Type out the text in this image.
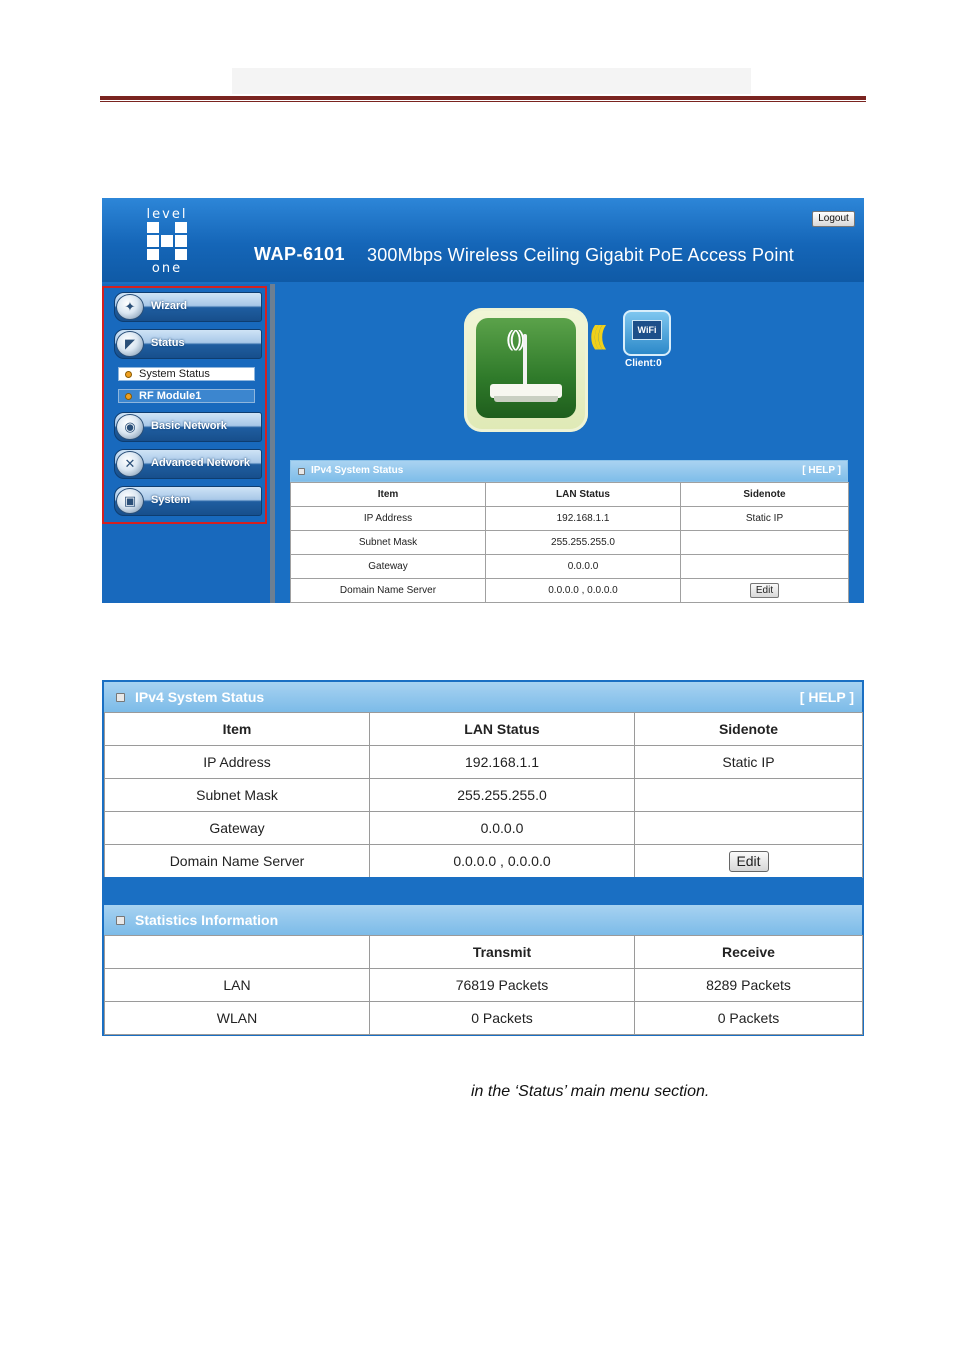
level
one
Logout
WAP-6101 300Mbps Wireless Ceiling Gigabit PoE Access Point
✦	Wizard
◤	Status
System Status
RF Module1
◉	Basic Network
✕	Advanced Network
▣	System
(( ))	(((	WiFi
Client:0
IPv4 System Status	[ HELP ]
Item	LAN Status	Sidenote
IP Address	192.168.1.1	Static IP
Subnet Mask	255.255.255.0	
Gateway	0.0.0.0	
Domain Name Server	0.0.0.0 , 0.0.0.0	Edit
IPv4 System Status	[ HELP ]
Item	LAN Status	Sidenote
IP Address	192.168.1.1	Static IP
Subnet Mask	255.255.255.0	
Gateway	0.0.0.0	
Domain Name Server	0.0.0.0 , 0.0.0.0	Edit
Statistics Information
	Transmit	Receive
LAN	76819 Packets	8289 Packets
WLAN	0 Packets	0 Packets
in the ‘Status’ main menu section.
